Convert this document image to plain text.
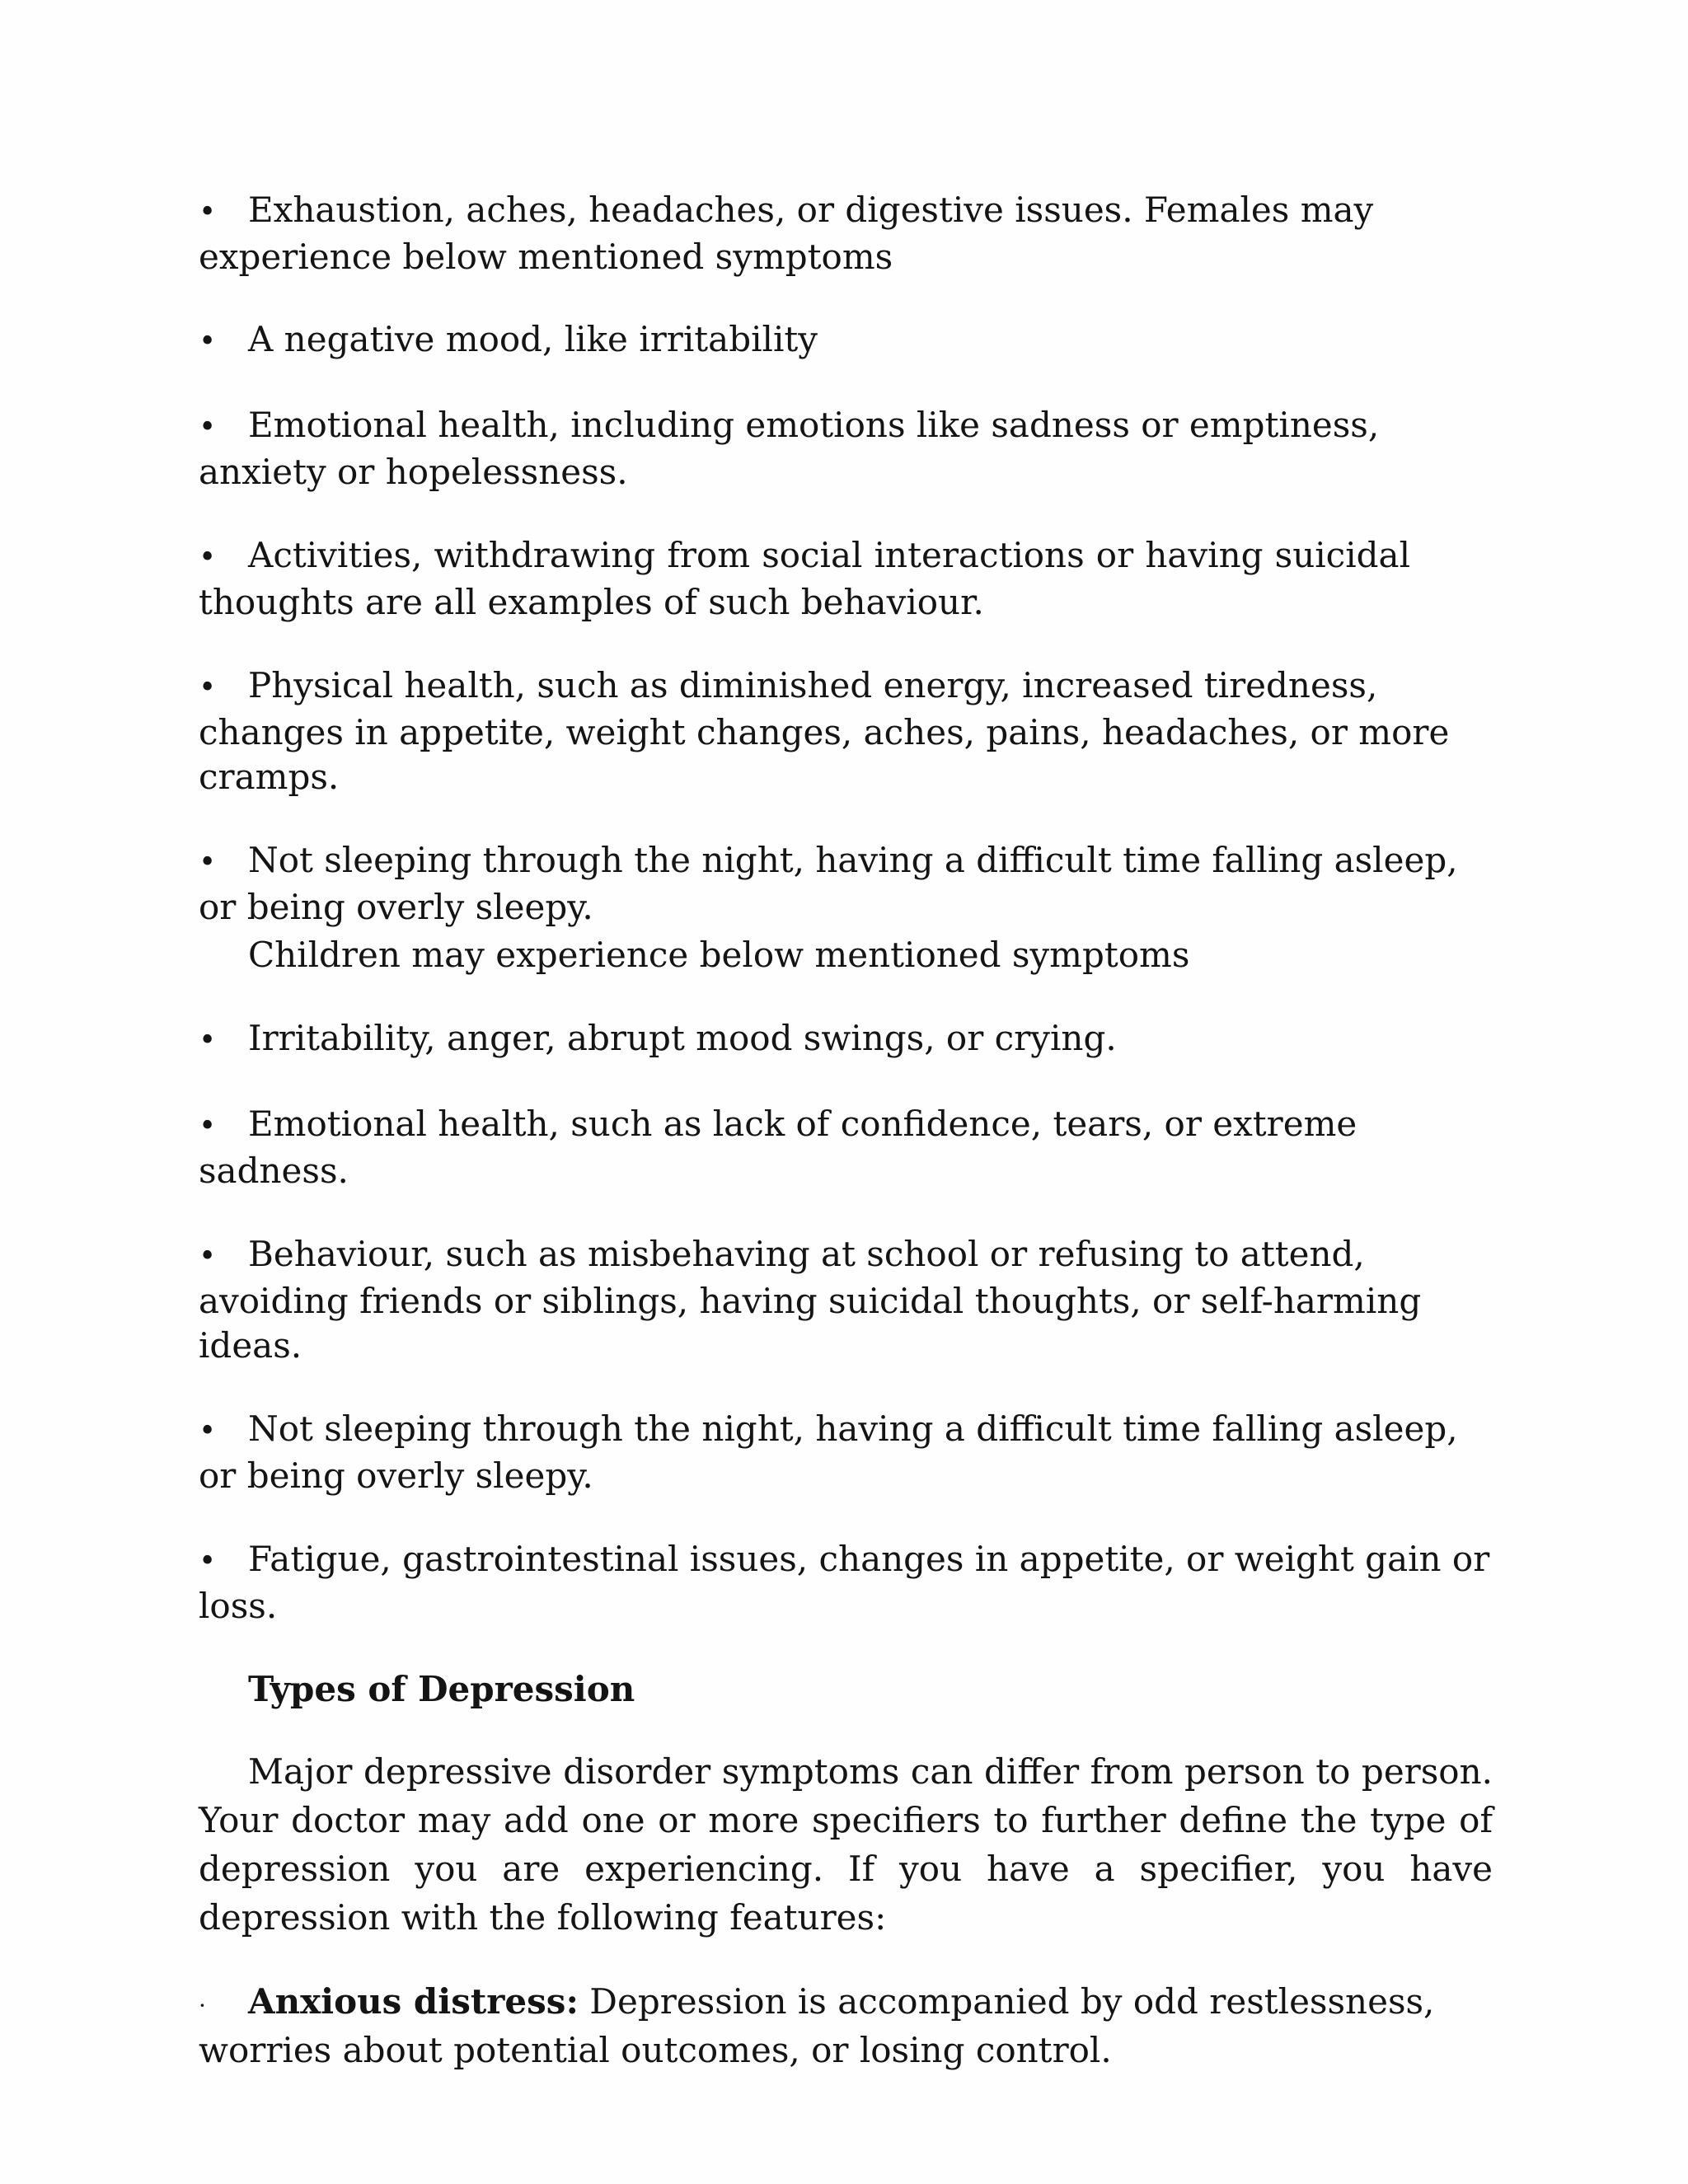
• Exhaustion, aches, headaches, or digestive issues. Females may experience below mentioned symptoms

• A negative mood, like irritability

• Emotional health, including emotions like sadness or emptiness, anxiety or hopelessness.

• Activities, withdrawing from social interactions or having suicidal thoughts are all examples of such behaviour.

• Physical health, such as diminished energy, increased tiredness, changes in appetite, weight changes, aches, pains, headaches, or more cramps.

• Not sleeping through the night, having a difficult time falling asleep, or being overly sleepy.

Children may experience below mentioned symptoms

• Irritability, anger, abrupt mood swings, or crying.

• Emotional health, such as lack of confidence, tears, or extreme sadness.

• Behaviour, such as misbehaving at school or refusing to attend, avoiding friends or siblings, having suicidal thoughts, or self-harming ideas.

• Not sleeping through the night, having a difficult time falling asleep, or being overly sleepy.

• Fatigue, gastrointestinal issues, changes in appetite, or weight gain or loss.

Types of Depression

Major depressive disorder symptoms can differ from person to person. Your doctor may add one or more specifiers to further define the type of depression you are experiencing. If you have a specifier, you have depression with the following features:

· Anxious distress: Depression is accompanied by odd restlessness, worries about potential outcomes, or losing control.
